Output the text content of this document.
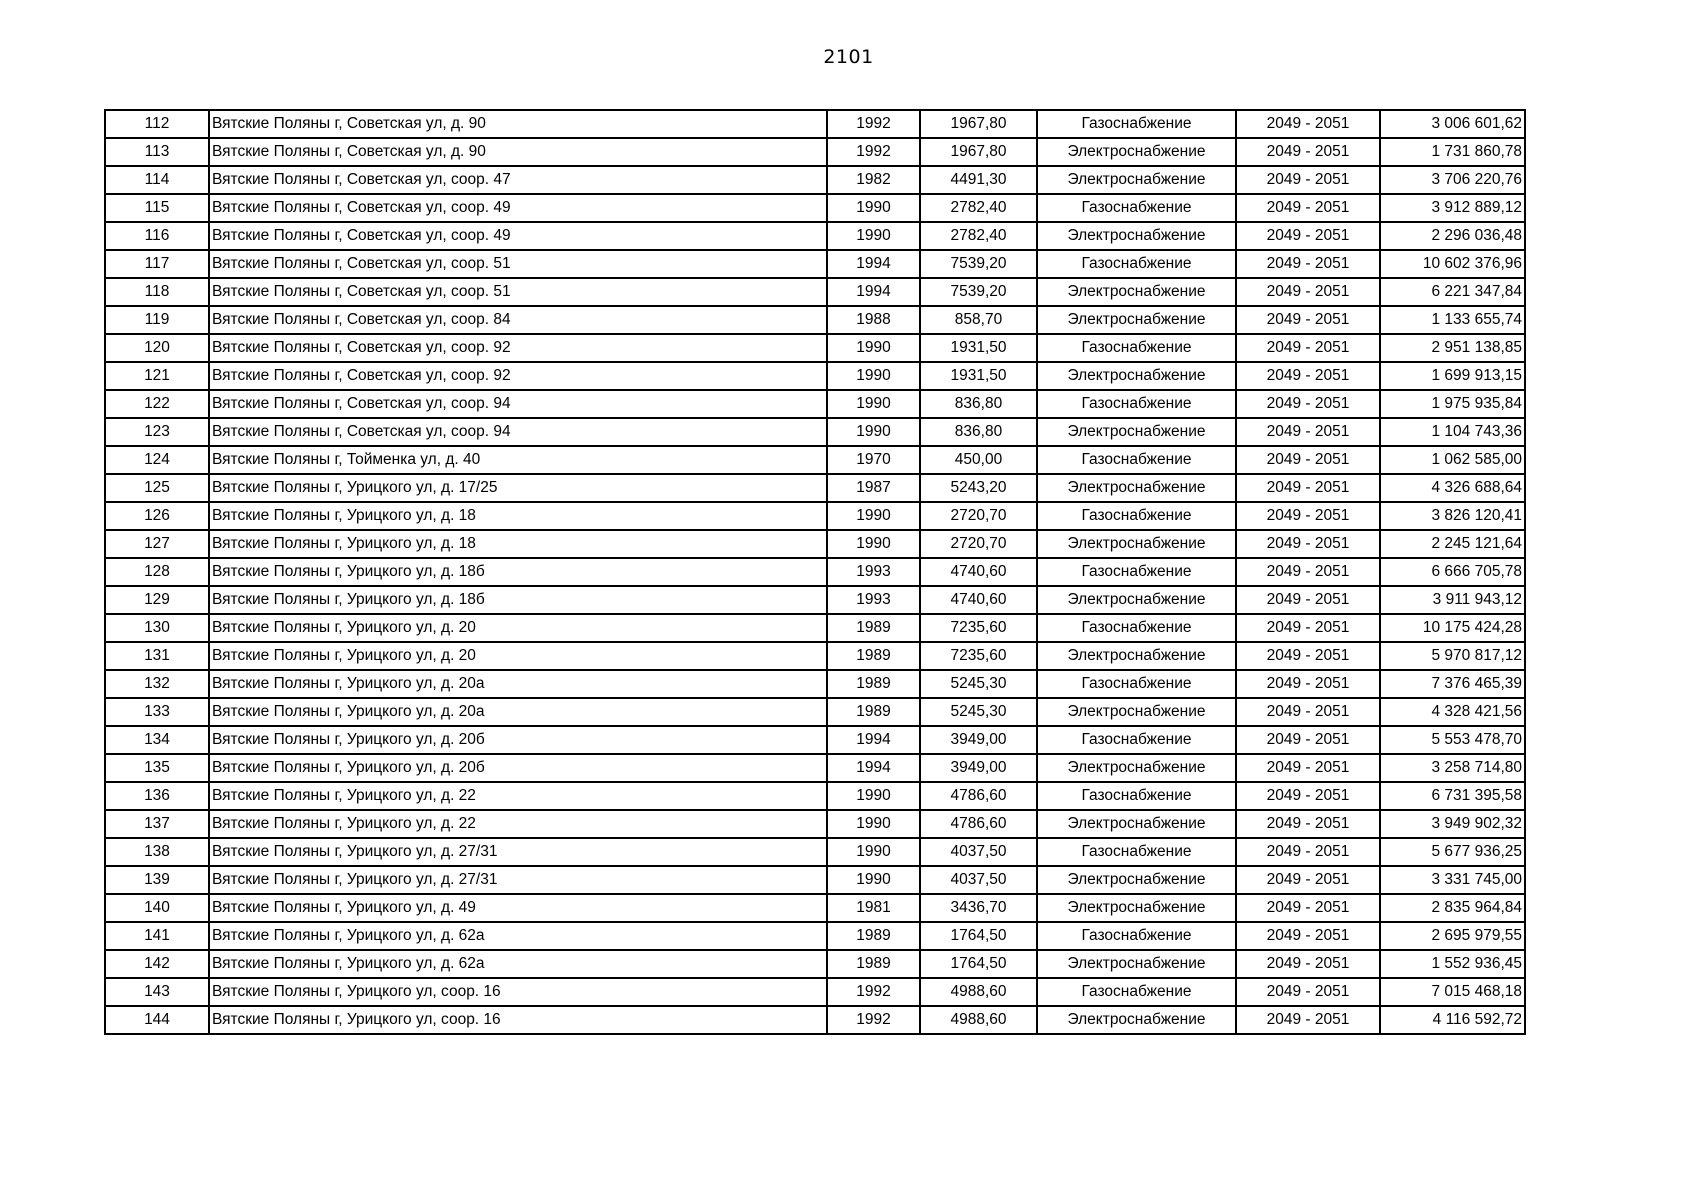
2101
112	Вятские Поляны г, Советская ул, д. 90	1992	1967,80	Газоснабжение	2049 - 2051	3 006 601,62
113	Вятские Поляны г, Советская ул, д. 90	1992	1967,80	Электроснабжение	2049 - 2051	1 731 860,78
114	Вятские Поляны г, Советская ул, соор. 47	1982	4491,30	Электроснабжение	2049 - 2051	3 706 220,76
115	Вятские Поляны г, Советская ул, соор. 49	1990	2782,40	Газоснабжение	2049 - 2051	3 912 889,12
116	Вятские Поляны г, Советская ул, соор. 49	1990	2782,40	Электроснабжение	2049 - 2051	2 296 036,48
117	Вятские Поляны г, Советская ул, соор. 51	1994	7539,20	Газоснабжение	2049 - 2051	10 602 376,96
118	Вятские Поляны г, Советская ул, соор. 51	1994	7539,20	Электроснабжение	2049 - 2051	6 221 347,84
119	Вятские Поляны г, Советская ул, соор. 84	1988	858,70	Электроснабжение	2049 - 2051	1 133 655,74
120	Вятские Поляны г, Советская ул, соор. 92	1990	1931,50	Газоснабжение	2049 - 2051	2 951 138,85
121	Вятские Поляны г, Советская ул, соор. 92	1990	1931,50	Электроснабжение	2049 - 2051	1 699 913,15
122	Вятские Поляны г, Советская ул, соор. 94	1990	836,80	Газоснабжение	2049 - 2051	1 975 935,84
123	Вятские Поляны г, Советская ул, соор. 94	1990	836,80	Электроснабжение	2049 - 2051	1 104 743,36
124	Вятские Поляны г, Тойменка ул, д. 40	1970	450,00	Газоснабжение	2049 - 2051	1 062 585,00
125	Вятские Поляны г, Урицкого ул, д. 17/25	1987	5243,20	Электроснабжение	2049 - 2051	4 326 688,64
126	Вятские Поляны г, Урицкого ул, д. 18	1990	2720,70	Газоснабжение	2049 - 2051	3 826 120,41
127	Вятские Поляны г, Урицкого ул, д. 18	1990	2720,70	Электроснабжение	2049 - 2051	2 245 121,64
128	Вятские Поляны г, Урицкого ул, д. 18б	1993	4740,60	Газоснабжение	2049 - 2051	6 666 705,78
129	Вятские Поляны г, Урицкого ул, д. 18б	1993	4740,60	Электроснабжение	2049 - 2051	3 911 943,12
130	Вятские Поляны г, Урицкого ул, д. 20	1989	7235,60	Газоснабжение	2049 - 2051	10 175 424,28
131	Вятские Поляны г, Урицкого ул, д. 20	1989	7235,60	Электроснабжение	2049 - 2051	5 970 817,12
132	Вятские Поляны г, Урицкого ул, д. 20а	1989	5245,30	Газоснабжение	2049 - 2051	7 376 465,39
133	Вятские Поляны г, Урицкого ул, д. 20а	1989	5245,30	Электроснабжение	2049 - 2051	4 328 421,56
134	Вятские Поляны г, Урицкого ул, д. 20б	1994	3949,00	Газоснабжение	2049 - 2051	5 553 478,70
135	Вятские Поляны г, Урицкого ул, д. 20б	1994	3949,00	Электроснабжение	2049 - 2051	3 258 714,80
136	Вятские Поляны г, Урицкого ул, д. 22	1990	4786,60	Газоснабжение	2049 - 2051	6 731 395,58
137	Вятские Поляны г, Урицкого ул, д. 22	1990	4786,60	Электроснабжение	2049 - 2051	3 949 902,32
138	Вятские Поляны г, Урицкого ул, д. 27/31	1990	4037,50	Газоснабжение	2049 - 2051	5 677 936,25
139	Вятские Поляны г, Урицкого ул, д. 27/31	1990	4037,50	Электроснабжение	2049 - 2051	3 331 745,00
140	Вятские Поляны г, Урицкого ул, д. 49	1981	3436,70	Электроснабжение	2049 - 2051	2 835 964,84
141	Вятские Поляны г, Урицкого ул, д. 62а	1989	1764,50	Газоснабжение	2049 - 2051	2 695 979,55
142	Вятские Поляны г, Урицкого ул, д. 62а	1989	1764,50	Электроснабжение	2049 - 2051	1 552 936,45
143	Вятские Поляны г, Урицкого ул, соор. 16	1992	4988,60	Газоснабжение	2049 - 2051	7 015 468,18
144	Вятские Поляны г, Урицкого ул, соор. 16	1992	4988,60	Электроснабжение	2049 - 2051	4 116 592,72
